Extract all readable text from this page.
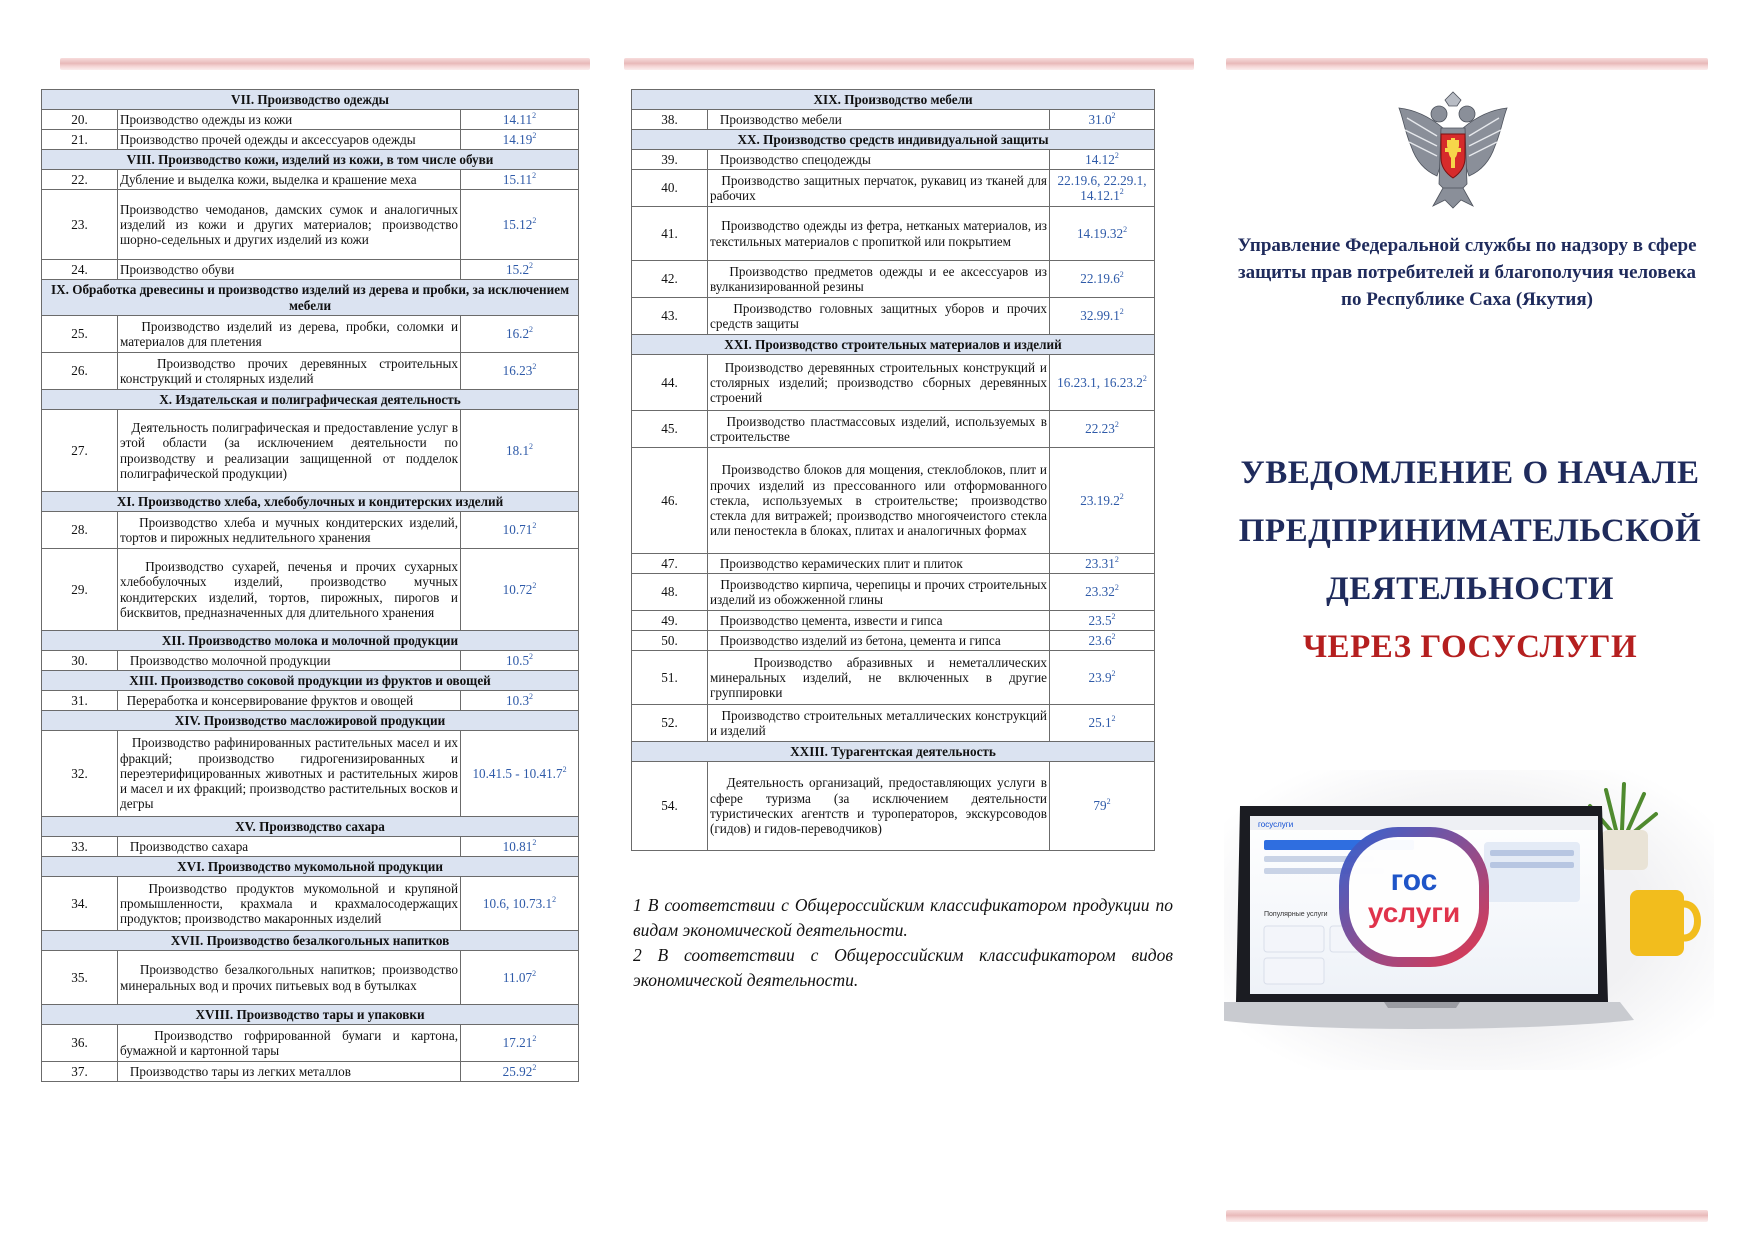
VII. Производство одежды		
20.	Производство одежды из кожи	14.11$^2$
21.	Производство прочей одежды и аксессуаров одежды	14.19$^2$
VIII. Производство кожи, изделий из кожи, в том числе обуви		
22.	Дубление и выделка кожи, выделка и крашение меха	15.11$^2$
23.	Производство чемоданов, дамских сумок и аналогичных изделий из кожи и других материалов; производство шорно-седельных и других изделий из кожи	15.12$^2$
24.	Производство обуви	15.2$^2$
IX. Обработка древесины и производство изделий из дерева и пробки, за исключением мебели		
25.	Производство изделий из дерева, пробки, соломки и материалов для плетения	16.2$^2$
26.	Производство прочих деревянных строительных конструкций и столярных изделий	16.23$^2$
X. Издательская и полиграфическая деятельность		
27.	Деятельность полиграфическая и предоставление услуг в этой области (за исключением деятельности по производству и реализации защищенной от подделок полиграфической продукции)	18.1$^2$
XI. Производство хлеба, хлебобулочных и кондитерских изделий		
28.	Производство хлеба и мучных кондитерских изделий, тортов и пирожных недлительного хранения	10.71$^2$
29.	Производство сухарей, печенья и прочих сухарных хлебобулочных изделий, производство мучных кондитерских изделий, тортов, пирожных, пирогов и бисквитов, предназначенных для длительного хранения	10.72$^2$
XII. Производство молока и молочной продукции		
30.	Производство молочной продукции	10.5$^2$
XIII. Производство соковой продукции из фруктов и овощей		
31.	Переработка и консервирование фруктов и овощей	10.3$^2$
XIV. Производство масложировой продукции		
32.	Производство рафинированных растительных масел и их фракций; производство гидрогенизированных и переэтерифицированных животных и растительных жиров и масел и их фракций; производство растительных восков и дегры	10.41.5 - 10.41.7$^2$
XV. Производство сахара		
33.	Производство сахара	10.81$^2$
XVI. Производство мукомольной продукции		
34.	Производство продуктов мукомольной и крупяной промышленности, крахмала и крахмалосодержащих продуктов; производство макаронных изделий	10.6, 10.73.1$^2$
XVII. Производство безалкогольных напитков		
35.	Производство безалкогольных напитков; производство минеральных вод и прочих питьевых вод в бутылках	11.07$^2$
XVIII. Производство тары и упаковки		
36.	Производство гофрированной бумаги и картона, бумажной и картонной тары	17.21$^2$
37.	Производство тары из легких металлов	25.92$^2$
XIX. Производство мебели		
38.	Производство мебели	31.0$^2$
XX. Производство средств индивидуальной защиты		
39.	Производство спецодежды	14.12$^2$
40.	Производство защитных перчаток, рукавиц из тканей для рабочих	22.19.6, 22.29.1, 14.12.1$^2$
41.	Производство одежды из фетра, нетканых материалов, из текстильных материалов с пропиткой или покрытием	14.19.32$^2$
42.	Производство предметов одежды и ее аксессуаров из вулканизированной резины	22.19.6$^2$
43.	Производство головных защитных уборов и прочих средств защиты	32.99.1$^2$
XXI. Производство строительных материалов и изделий		
44.	Производство деревянных строительных конструкций и столярных изделий; производство сборных деревянных строений	16.23.1, 16.23.2$^2$
45.	Производство пластмассовых изделий, используемых в строительстве	22.23$^2$
46.	Производство блоков для мощения, стеклоблоков, плит и прочих изделий из прессованного или отформованного стекла, используемых в строительстве; производство стекла для витражей; производство многоячеистого стекла или пеностекла в блоках, плитах и аналогичных формах	23.19.2$^2$
47.	Производство керамических плит и плиток	23.31$^2$
48.	Производство кирпича, черепицы и прочих строительных изделий из обожженной глины	23.32$^2$
49.	Производство цемента, извести и гипса	23.5$^2$
50.	Производство изделий из бетона, цемента и гипса	23.6$^2$
51.	Производство абразивных и неметаллических минеральных изделий, не включенных в другие группировки	23.9$^2$
52.	Производство строительных металлических конструкций и изделий	25.1$^2$
XXIII. Турагентская деятельность		
54.	Деятельность организаций, предоставляющих услуги в сфере туризма (за исключением деятельности туристических агентств и туроператоров, экскурсоводов (гидов) и гидов-переводчиков)	$79^2$

1 В соответствии с Общероссийским классификатором продукции по видам экономической деятельности.

2 В соответствии с Общероссийским классификатором видов экономической деятельности.

Управление Федеральной службы по надзору в сфере защиты прав потребителей и благополучия человека по Республике Саха (Якутия)
УВЕДОМЛЕНИЕ О НАЧАЛЕ
ПРЕДПРИНИМАТЕЛЬСКОЙ
ДЕЯТЕЛЬНОСТИ
ЧЕРЕЗ ГОСУСЛУГИ
госуслуги
Популярные услуги
гос
услуги
